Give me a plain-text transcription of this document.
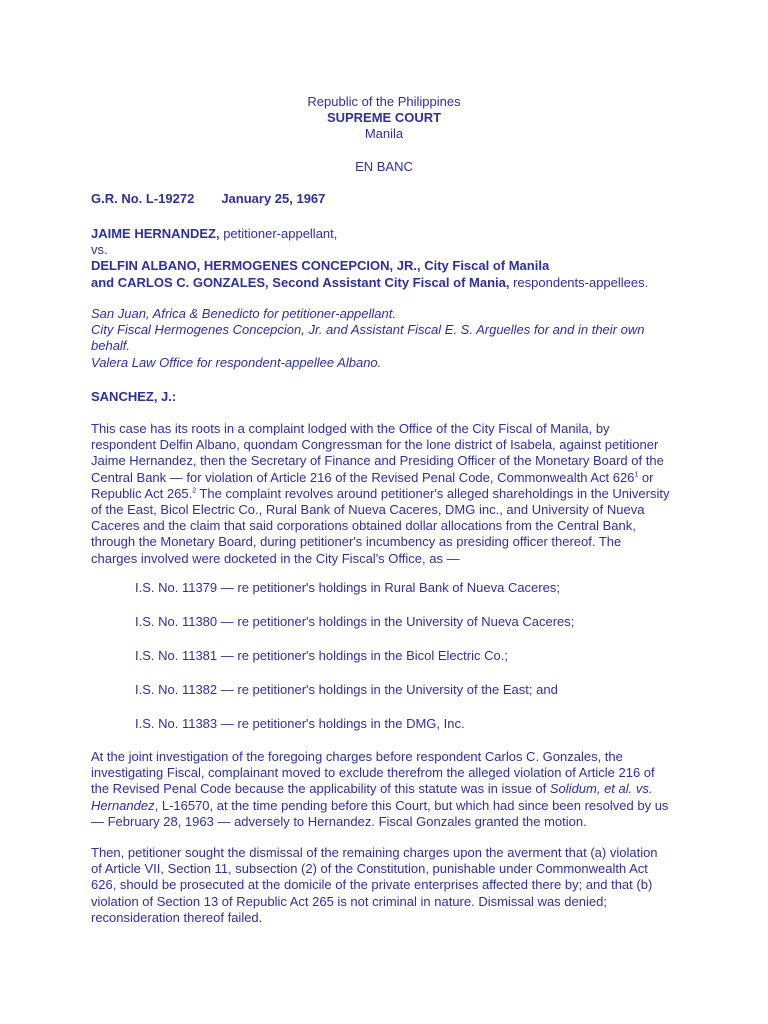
Republic of the Philippines
SUPREME COURT
Manila
EN BANC
G.R. No. L-19272 January 25, 1967
JAIME HERNANDEZ, petitioner-appellant,
vs.
DELFIN ALBANO, HERMOGENES CONCEPCION, JR., City Fiscal of Manila
and CARLOS C. GONZALES, Second Assistant City Fiscal of Mania, respondents-appellees.
San Juan, Africa & Benedicto for petitioner-appellant.
City Fiscal Hermogenes Concepcion, Jr. and Assistant Fiscal E. S. Arguelles for and in their own
behalf.
Valera Law Office for respondent-appellee Albano.
SANCHEZ, J.:
This case has its roots in a complaint lodged with the Office of the City Fiscal of Manila, by
respondent Delfin Albano, quondam Congressman for the lone district of Isabela, against petitioner
Jaime Hernandez, then the Secretary of Finance and Presiding Officer of the Monetary Board of the
Central Bank — for violation of Article 216 of the Revised Penal Code, Commonwealth Act $626^1$ or
Republic Act 265.$^2$ The complaint revolves around petitioner's alleged shareholdings in the University
of the East, Bicol Electric Co., Rural Bank of Nueva Caceres, DMG inc., and University of Nueva
Caceres and the claim that said corporations obtained dollar allocations from the Central Bank,
through the Monetary Board, during petitioner's incumbency as presiding officer thereof. The
charges involved were docketed in the City Fiscal's Office, as —
I.S. No. 11379 — re petitioner's holdings in Rural Bank of Nueva Caceres;
I.S. No. 11380 — re petitioner's holdings in the University of Nueva Caceres;
I.S. No. 11381 — re petitioner's holdings in the Bicol Electric Co.;
I.S. No. 11382 — re petitioner's holdings in the University of the East; and
I.S. No. 11383 — re petitioner's holdings in the DMG, Inc.
At the joint investigation of the foregoing charges before respondent Carlos C. Gonzales, the
investigating Fiscal, complainant moved to exclude therefrom the alleged violation of Article 216 of
the Revised Penal Code because the applicability of this statute was in issue of Solidum, et al. vs.
Hernandez, L-16570, at the time pending before this Court, but which had since been resolved by us
— February 28, 1963 — adversely to Hernandez. Fiscal Gonzales granted the motion.
Then, petitioner sought the dismissal of the remaining charges upon the averment that (a) violation
of Article VII, Section 11, subsection (2) of the Constitution, punishable under Commonwealth Act
626, should be prosecuted at the domicile of the private enterprises affected there by; and that (b)
violation of Section 13 of Republic Act 265 is not criminal in nature. Dismissal was denied;
reconsideration thereof failed.
